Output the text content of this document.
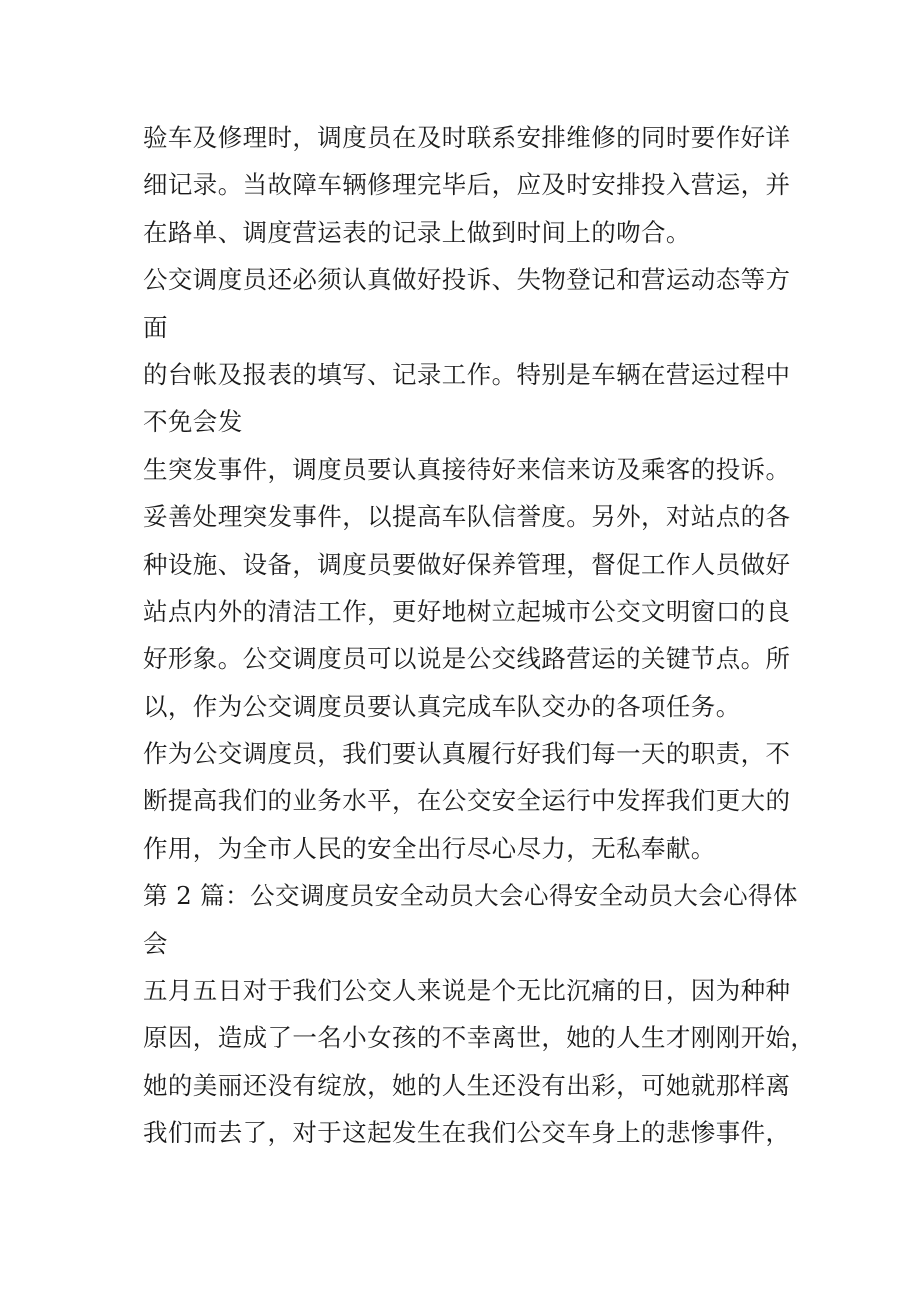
验车及修理时，调度员在及时联系安排维修的同时要作好详
细记录。当故障车辆修理完毕后，应及时安排投入营运，并
在路单、调度营运表的记录上做到时间上的吻合。
公交调度员还必须认真做好投诉、失物登记和营运动态等方
面
的台帐及报表的填写、记录工作。特别是车辆在营运过程中
不免会发
生突发事件，调度员要认真接待好来信来访及乘客的投诉。
妥善处理突发事件，以提高车队信誉度。另外，对站点的各
种设施、设备，调度员要做好保养管理，督促工作人员做好
站点内外的清洁工作，更好地树立起城市公交文明窗口的良
好形象。公交调度员可以说是公交线路营运的关键节点。所
以，作为公交调度员要认真完成车队交办的各项任务。
作为公交调度员，我们要认真履行好我们每一天的职责，不
断提高我们的业务水平，在公交安全运行中发挥我们更大的
作用，为全市人民的安全出行尽心尽力，无私奉献。
第 2 篇：公交调度员安全动员大会心得安全动员大会心得体
会
五月五日对于我们公交人来说是个无比沉痛的日，因为种种
原因，造成了一名小女孩的不幸离世，她的人生才刚刚开始，
她的美丽还没有绽放，她的人生还没有出彩，可她就那样离
我们而去了，对于这起发生在我们公交车身上的悲惨事件，
